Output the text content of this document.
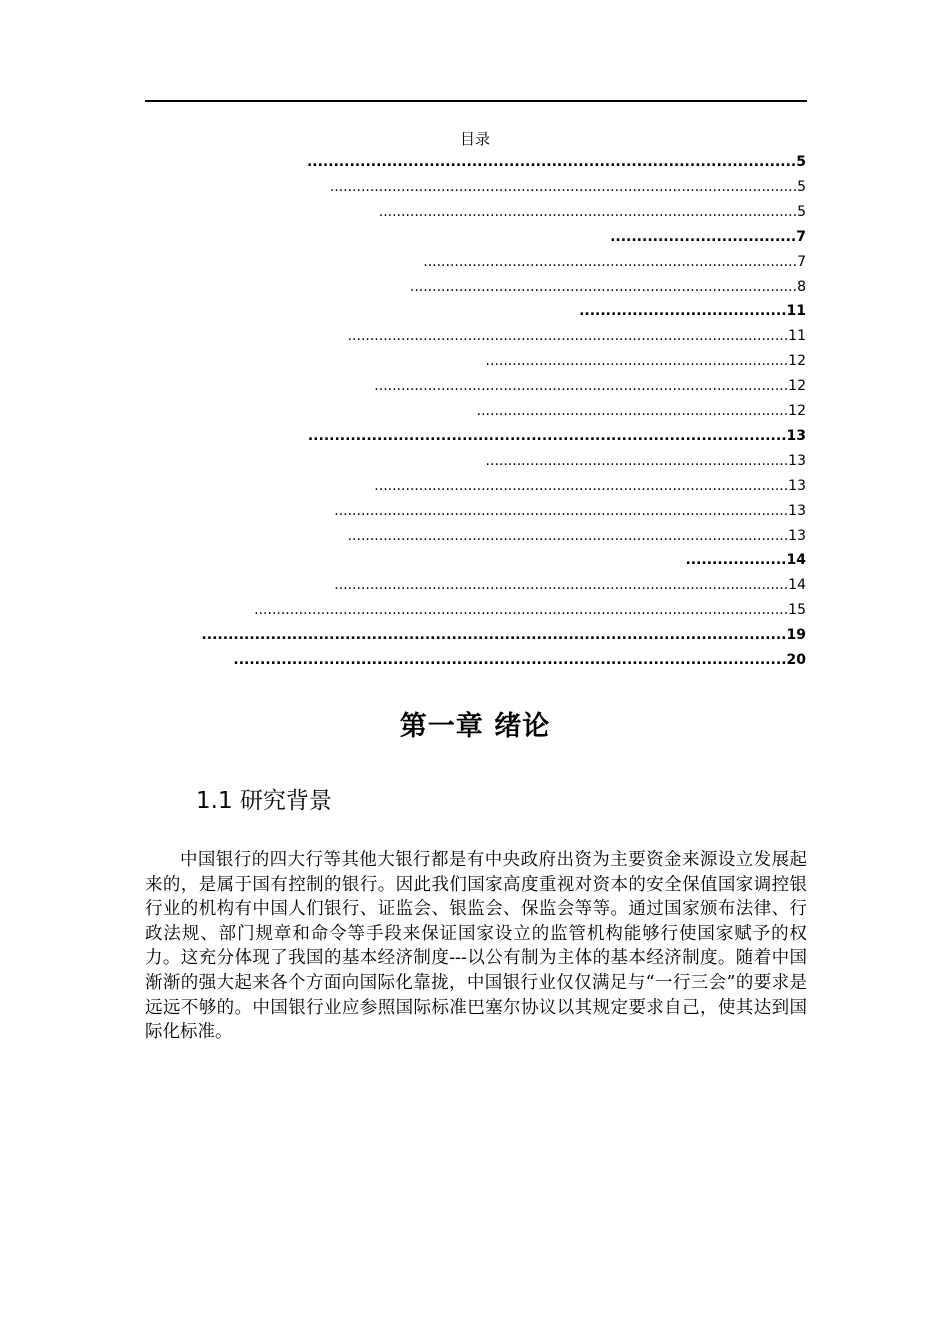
目录
............................................................................................5
.........................................................................................................5
..............................................................................................5
...................................7
....................................................................................7
.......................................................................................8
.......................................11
...................................................................................................11
....................................................................12
.............................................................................................12
......................................................................12
..........................................................................................13
....................................................................13
.............................................................................................13
......................................................................................................13
...................................................................................................13
...................14
......................................................................................................14
........................................................................................................................15
..............................................................................................................19
........................................................................................................20
第一章 绪论
1.1 研究背景

中国银行的四大行等其他大银行都是有中央政府出资为主要资金来源设立发展起来的，是属于国有控制的银行。因此我们国家高度重视对资本的安全保值国家调控银行业的机构有中国人们银行、证监会、银监会、保监会等等。通过国家颁布法律、行政法规、部门规章和命令等手段来保证国家设立的监管机构能够行使国家赋予的权力。这充分体现了我国的基本经济制度---以公有制为主体的基本经济制度。随着中国渐渐的强大起来各个方面向国际化靠拢，中国银行业仅仅满足与“一行三会”的要求是远远不够的。中国银行业应参照国际标准巴塞尔协议以其规定要求自己，使其达到国际化标准。
